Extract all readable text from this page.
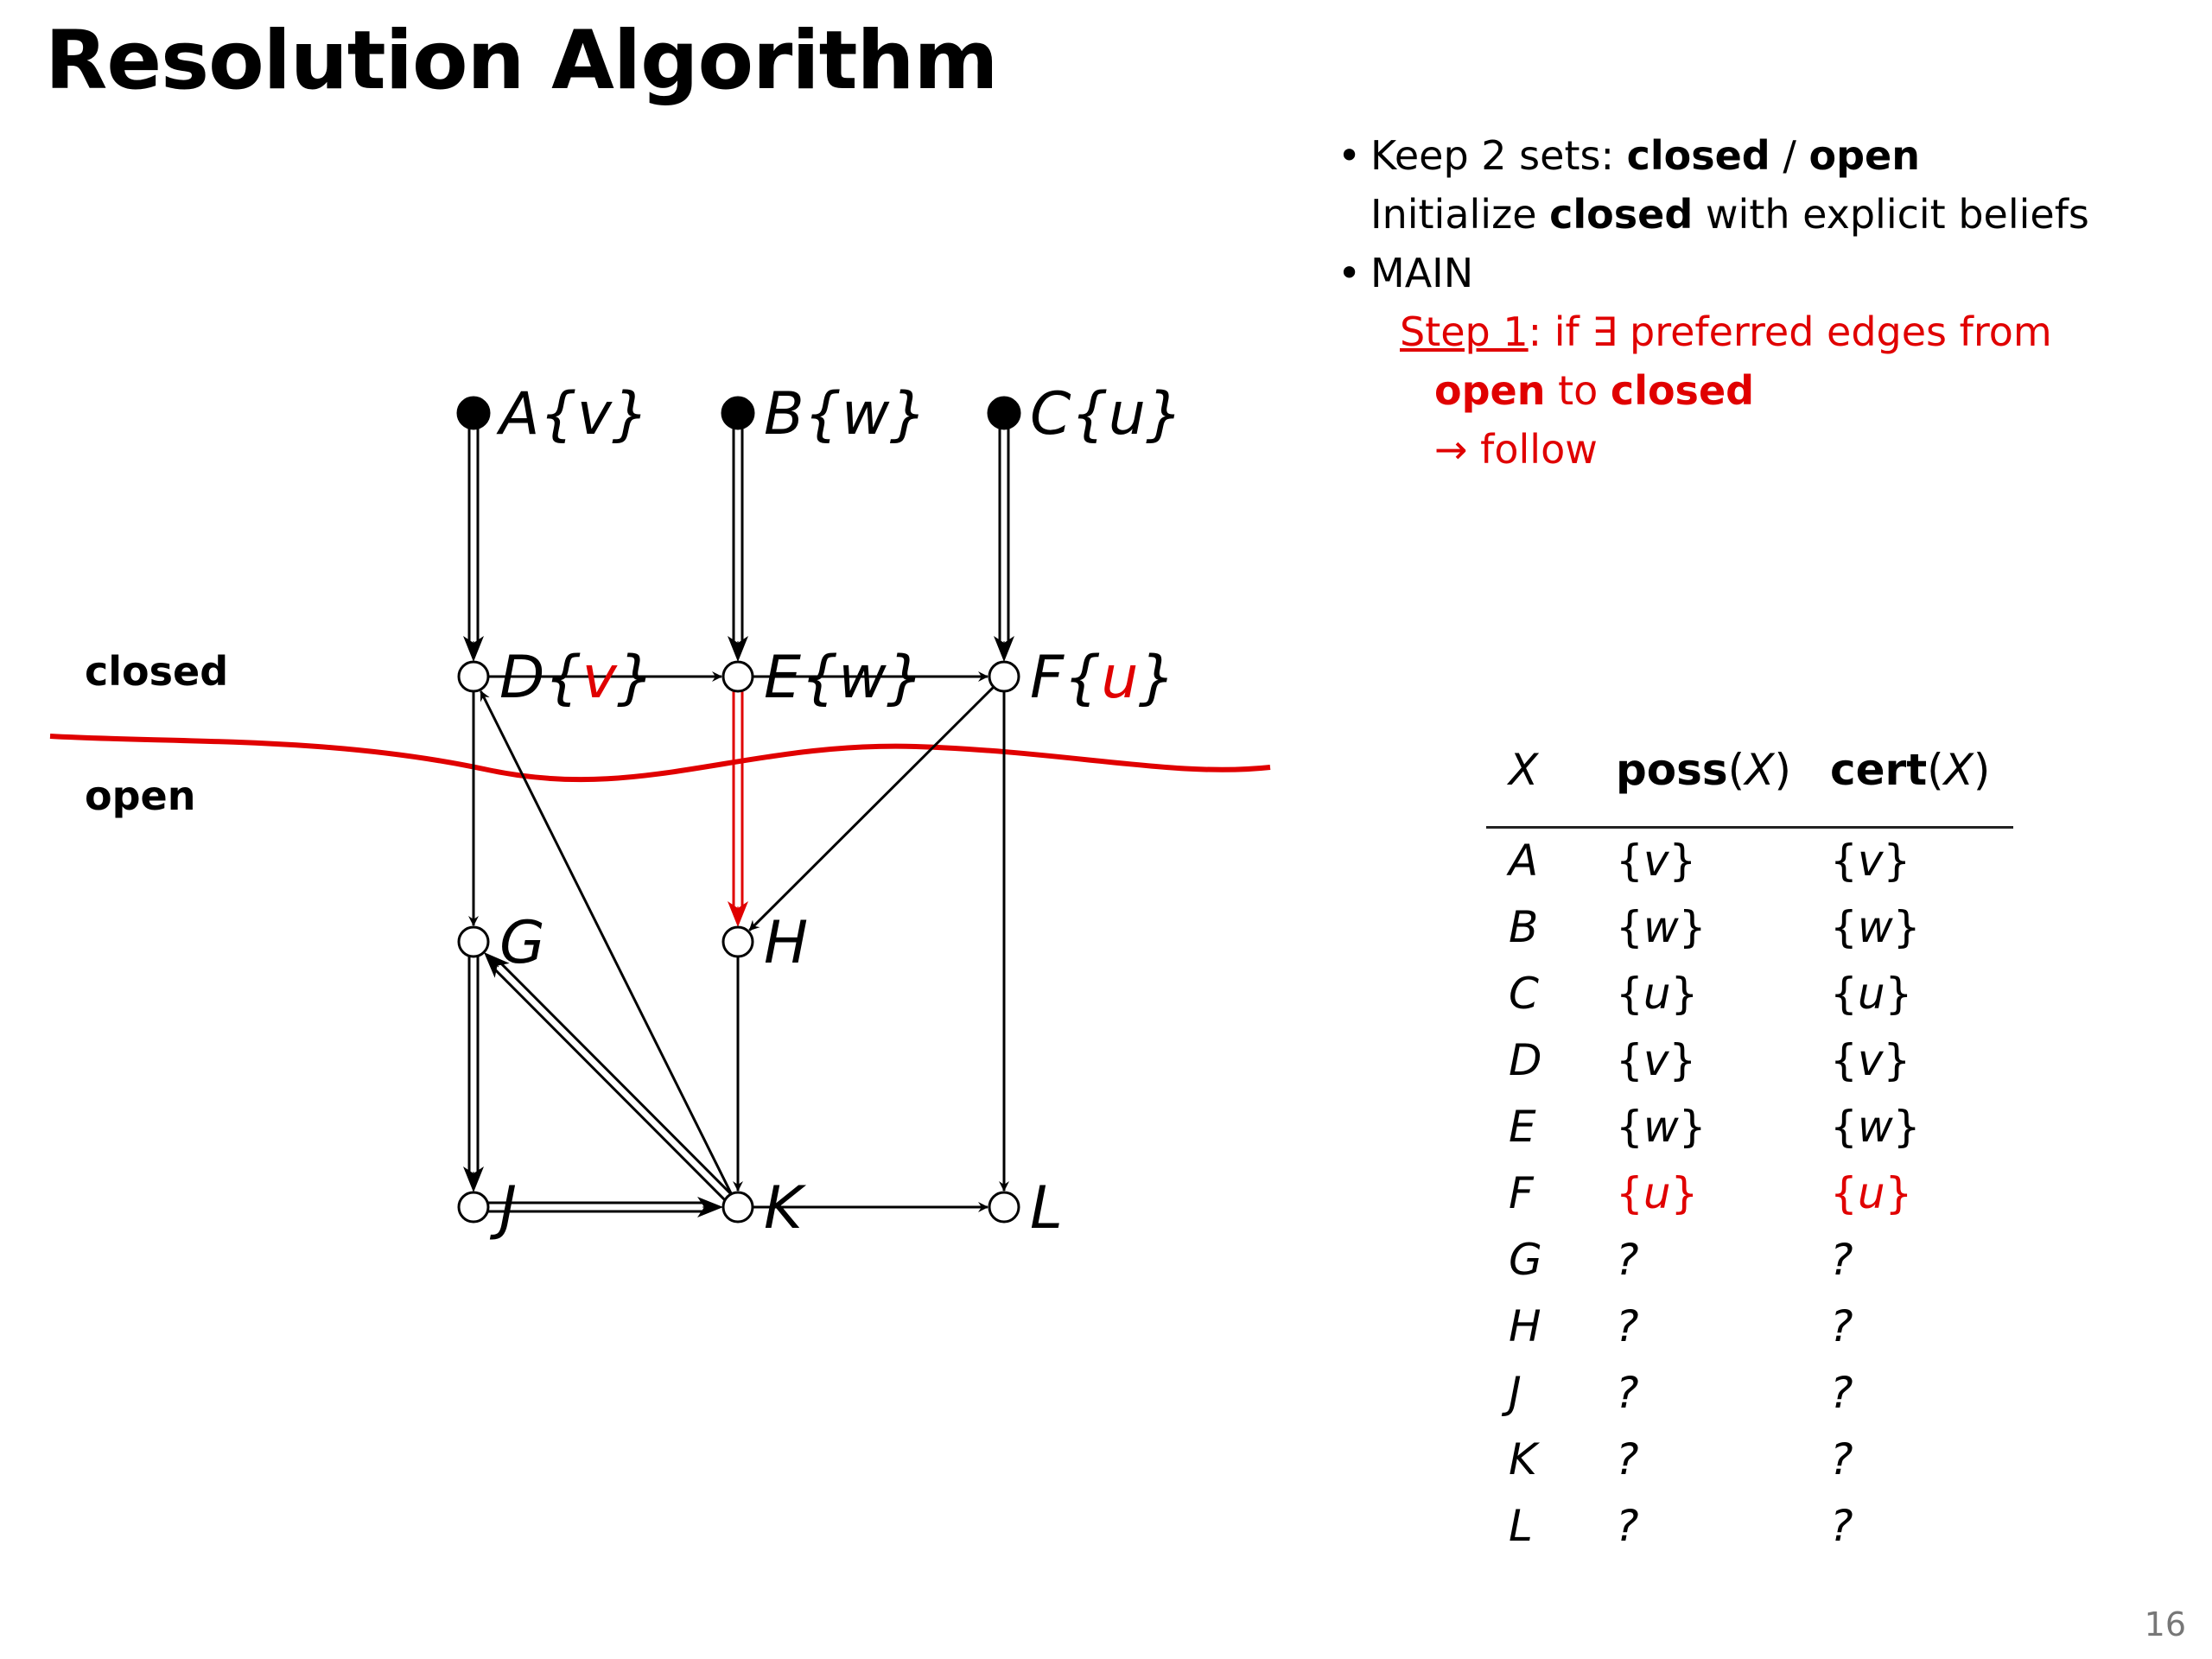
Resolution Algorithm
• Keep 2 sets: closed / open
Initialize closed with explicit beliefs
• MAIN
Step 1: if ∃ preferred edges from
open to closed
→ follow
closed
open
A{v} B{w} C{u}
D{v} E{w} F{u}
G	H
J	K	L
X poss(X) cert(X)
A {v}	{v}
B {w}	{w}
C {u}	{u}
D {v}	{v}
E {w}	{w}
F {u}	{u}
G ?	?
H ?	?
J ?	?
K ?	?
L ?	?
16
